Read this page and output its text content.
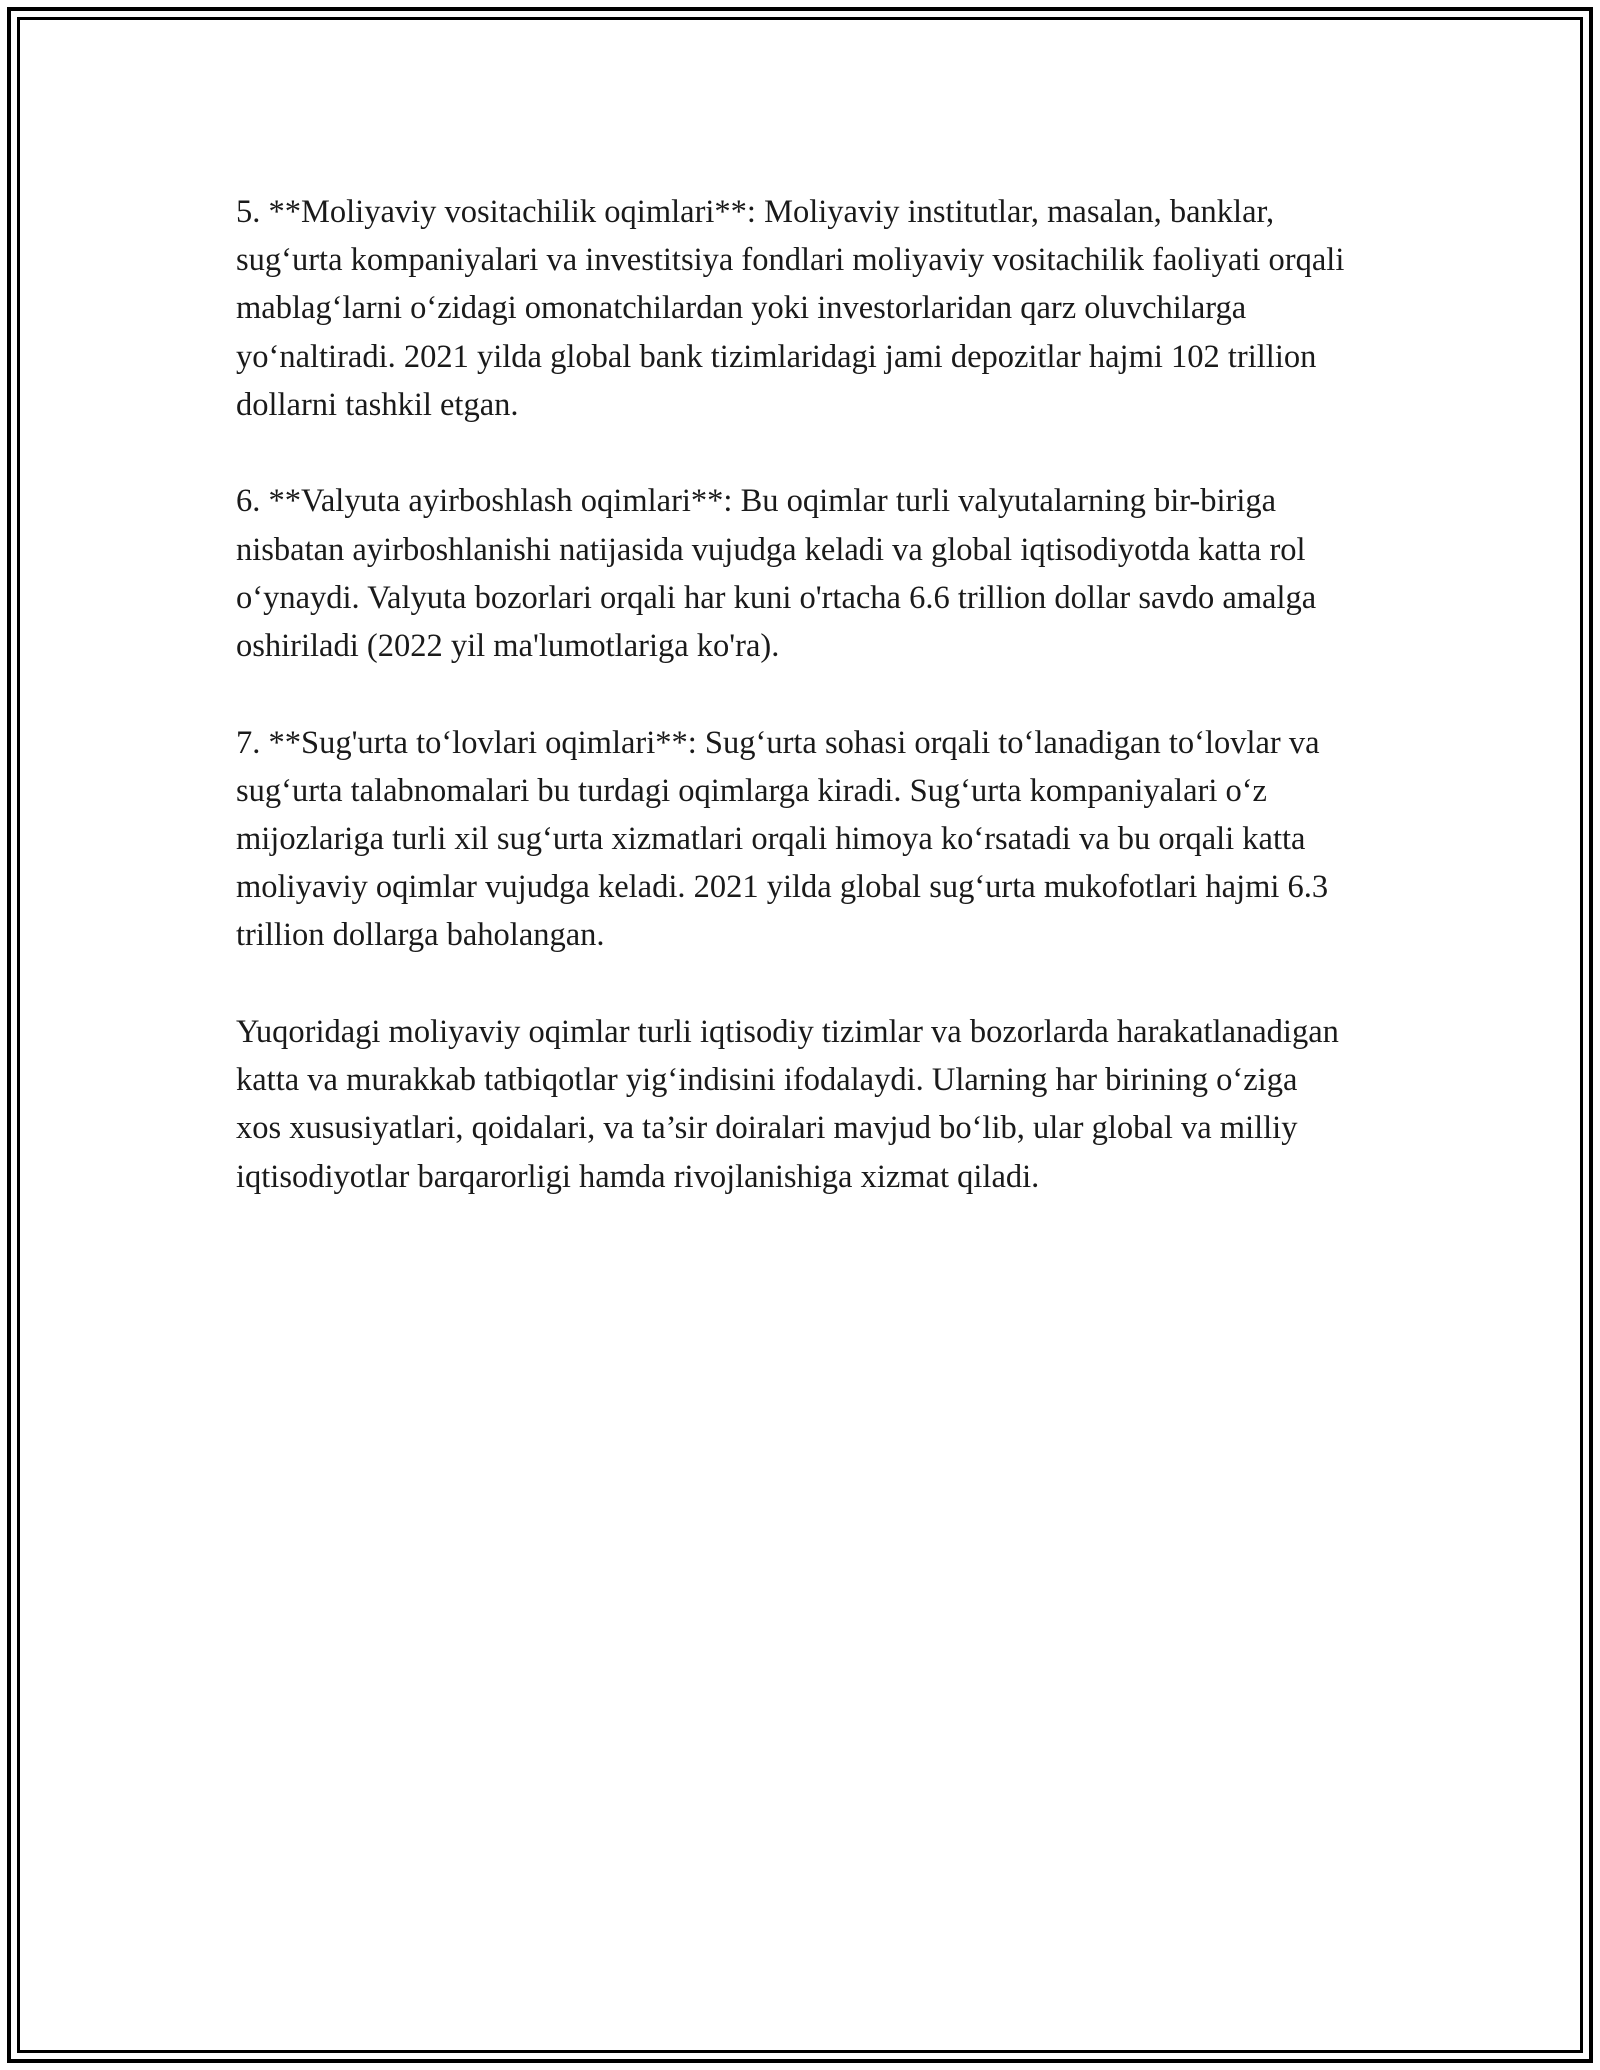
5. **Moliyaviy vositachilik oqimlari**: Moliyaviy institutlar, masalan, banklar, sug‘urta kompaniyalari va investitsiya fondlari moliyaviy vositachilik faoliyati orqali mablag‘larni o‘zidagi omonatchilardan yoki investorlaridan qarz oluvchilarga yo‘naltiradi. 2021 yilda global bank tizimlaridagi jami depozitlar hajmi 102 trillion dollarni tashkil etgan.

6. **Valyuta ayirboshlash oqimlari**: Bu oqimlar turli valyutalarning bir-biriga nisbatan ayirboshlanishi natijasida vujudga keladi va global iqtisodiyotda katta rol o‘ynaydi. Valyuta bozorlari orqali har kuni o'rtacha 6.6 trillion dollar savdo amalga oshiriladi (2022 yil ma'lumotlariga ko'ra).

7. **Sug'urta to‘lovlari oqimlari**: Sug‘urta sohasi orqali to‘lanadigan to‘lovlar va sug‘urta talabnomalari bu turdagi oqimlarga kiradi. Sug‘urta kompaniyalari o‘z mijozlariga turli xil sug‘urta xizmatlari orqali himoya ko‘rsatadi va bu orqali katta moliyaviy oqimlar vujudga keladi. 2021 yilda global sug‘urta mukofotlari hajmi 6.3 trillion dollarga baholangan.

Yuqoridagi moliyaviy oqimlar turli iqtisodiy tizimlar va bozorlarda harakatlanadigan katta va murakkab tatbiqotlar yig‘indisini ifodalaydi. Ularning har birining o‘ziga xos xususiyatlari, qoidalari, va ta’sir doiralari mavjud bo‘lib, ular global va milliy iqtisodiyotlar barqarorligi hamda rivojlanishiga xizmat qiladi.
